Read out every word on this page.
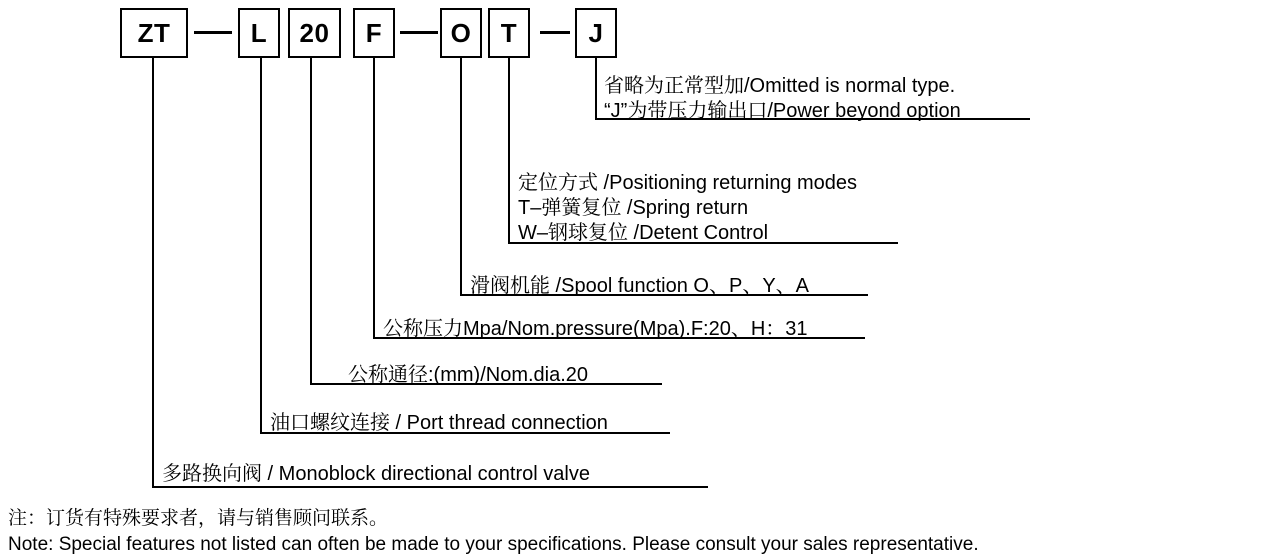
ZT	L	20	F	O	T	J
省略为正常型加/Omitted is normal type.
“J”为带压力输出口/Power beyond option
定位方式 /Positioning returning modes
T–弹簧复位 /Spring return
W–钢球复位 /Detent Control
滑阀机能 /Spool function O、P、Y、A
公称压力Mpa/Nom.pressure(Mpa).F:20、H：31
公称通径:(mm)/Nom.dia.20
油口螺纹连接 / Port thread connection
多路换向阀 / Monoblock directional control valve
注：订货有特殊要求者，请与销售顾问联系。
Note: Special features not listed can often be made to your specifications. Please consult your sales representative.
